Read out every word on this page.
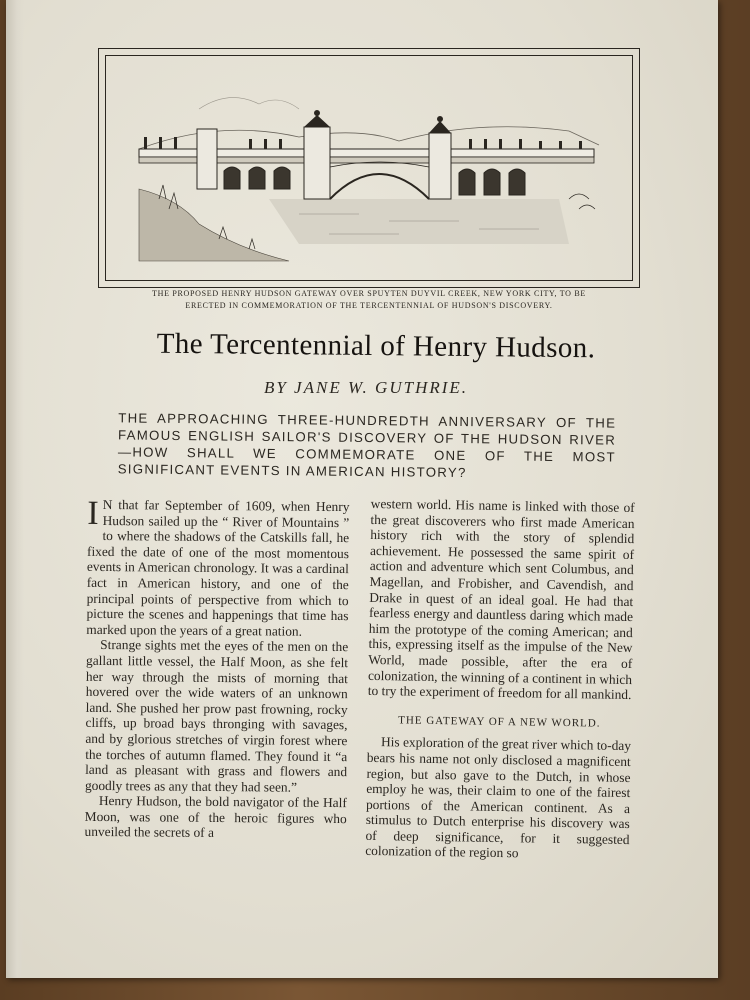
THE PROPOSED HENRY HUDSON GATEWAY OVER SPUYTEN DUYVIL CREEK, NEW YORK CITY, TO BE
ERECTED IN COMMEMORATION OF THE TERCENTENNIAL OF HUDSON'S DISCOVERY.
The Tercentennial of Henry Hudson.
BY JANE W. GUTHRIE.
THE APPROACHING THREE-HUNDREDTH ANNIVERSARY OF THE FAMOUS ENGLISH SAILOR'S DISCOVERY OF THE HUDSON RIVER —HOW SHALL WE COMMEMORATE ONE OF THE MOST SIGNIFICANT EVENTS IN AMERICAN HISTORY?

I N that far September of 1609, when Henry Hudson sailed up the “ River of Mountains ” to where the shadows of the Catskills fall, he fixed the date of one of the most momentous events in American chronology. It was a cardinal fact in American history, and one of the principal points of perspective from which to picture the scenes and happenings that time has marked upon the years of a great nation.

Strange sights met the eyes of the men on the gallant little vessel, the Half Moon, as she felt her way through the mists of morning that hovered over the wide waters of an unknown land. She pushed her prow past frowning, rocky cliffs, up broad bays thronging with savages, and by glorious stretches of virgin forest where the torches of autumn flamed. They found it “a land as pleasant with grass and flowers and goodly trees as any that they had seen.”

Henry Hudson, the bold navigator of the Half Moon, was one of the heroic figures who unveiled the secrets of a

western world. His name is linked with those of the great discoverers who first made American history rich with the story of splendid achievement. He possessed the same spirit of action and adventure which sent Columbus, and Magellan, and Frobisher, and Cavendish, and Drake in quest of an ideal goal. He had that fearless energy and dauntless daring which made him the prototype of the coming American; and this, expressing itself as the impulse of the New World, made possible, after the era of colonization, the winning of a continent in which to try the experiment of freedom for all mankind.

THE GATEWAY OF A NEW WORLD.

His exploration of the great river which to-day bears his name not only disclosed a magnificent region, but also gave to the Dutch, in whose employ he was, their claim to one of the fairest portions of the American continent. As a stimulus to Dutch enterprise his discovery was of deep significance, for it suggested colonization of the region so
